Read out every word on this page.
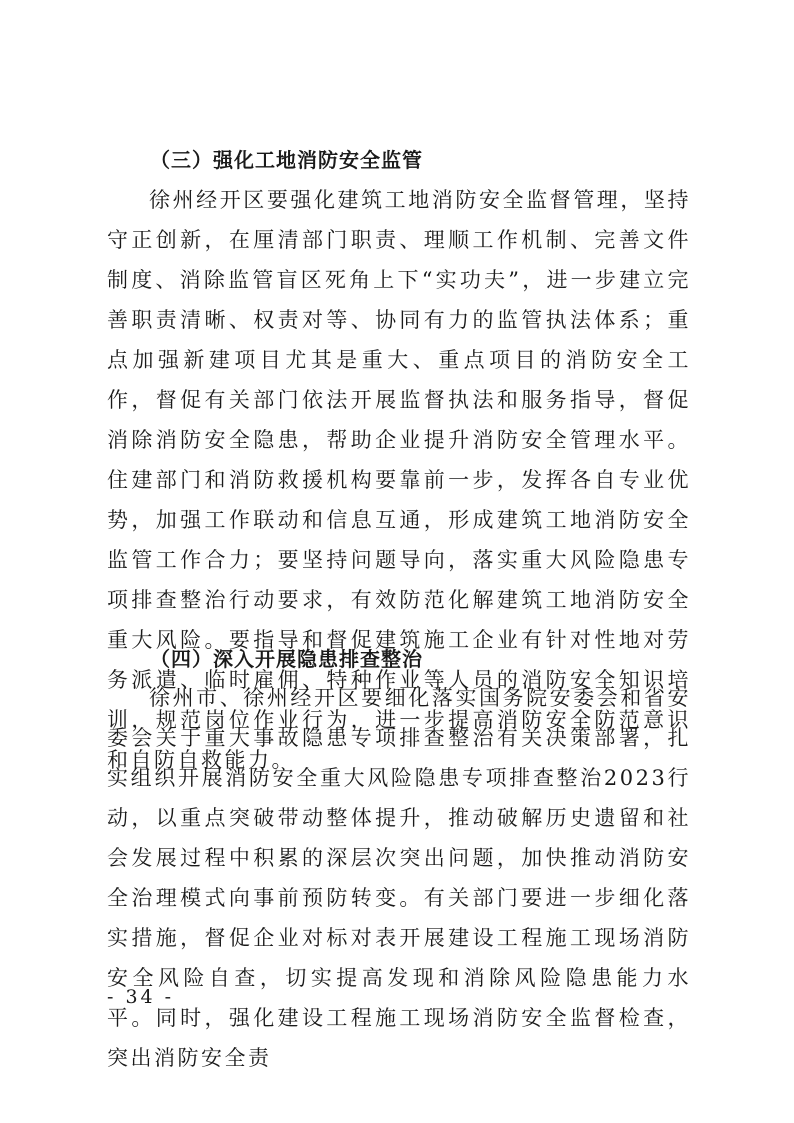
（三）强化工地消防安全监管

徐州经开区要强化建筑工地消防安全监督管理，坚持守正创新，在厘清部门职责、理顺工作机制、完善文件制度、消除监管盲区死角上下“实功夫”，进一步建立完善职责清晰、权责对等、协同有力的监管执法体系；重点加强新建项目尤其是重大、重点项目的消防安全工作，督促有关部门依法开展监督执法和服务指导，督促消除消防安全隐患，帮助企业提升消防安全管理水平。住建部门和消防救援机构要靠前一步，发挥各自专业优势，加强工作联动和信息互通，形成建筑工地消防安全监管工作合力；要坚持问题导向，落实重大风险隐患专项排查整治行动要求，有效防范化解建筑工地消防安全重大风险。要指导和督促建筑施工企业有针对性地对劳务派遣、临时雇佣、特种作业等人员的消防安全知识培训，规范岗位作业行为，进一步提高消防安全防范意识和自防自救能力。

（四）深入开展隐患排查整治

徐州市、徐州经开区要细化落实国务院安委会和省安委会关于重大事故隐患专项排查整治有关决策部署，扎实组织开展消防安全重大风险隐患专项排查整治2023行动，以重点突破带动整体提升，推动破解历史遗留和社会发展过程中积累的深层次突出问题，加快推动消防安全治理模式向事前预防转变。有关部门要进一步细化落实措施，督促企业对标对表开展建设工程施工现场消防安全风险自查，切实提高发现和消除风险隐患能力水平。同时，强化建设工程施工现场消防安全监督检查，突出消防安全责

- 34 -
